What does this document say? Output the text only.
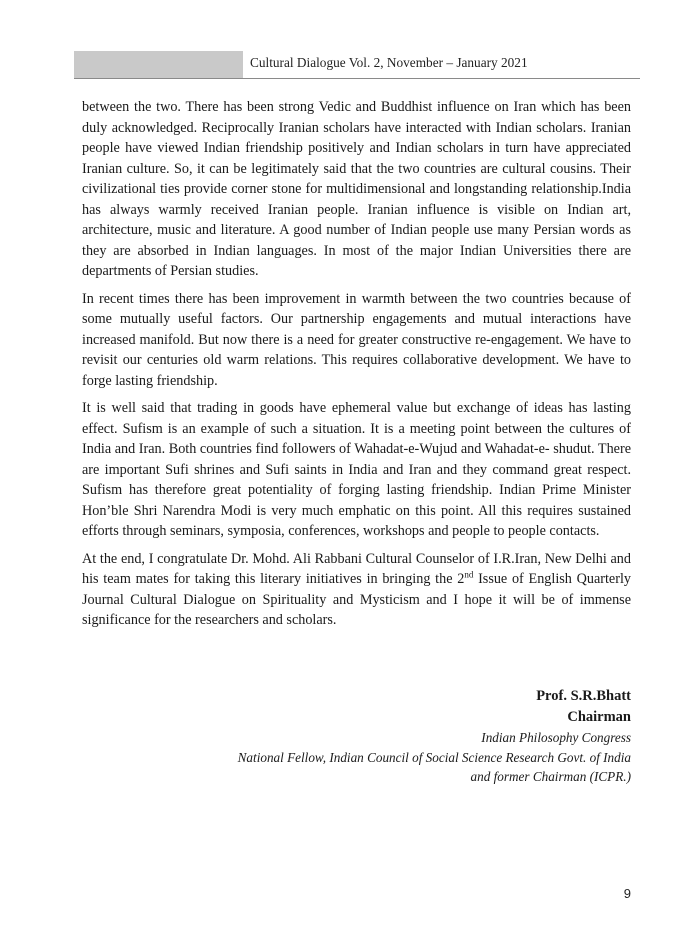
Cultural Dialogue Vol. 2, November – January 2021

between the two. There has been strong Vedic and Buddhist influence on Iran which has been duly acknowledged. Reciprocally Iranian scholars have interacted with Indian scholars. Iranian people have viewed Indian friendship positively and Indian scholars in turn have appreciated Iranian culture. So, it can be legitimately said that the two countries are cultural cousins. Their civilizational ties provide corner stone for multidimensional and longstanding relationship.India has always warmly received Iranian people. Iranian influence is visible on Indian art, architecture, music and literature. A good number of Indian people use many Persian words as they are absorbed in Indian languages. In most of the major Indian Universities there are departments of Persian studies.

In recent times there has been improvement in warmth between the two countries because of some mutually useful factors. Our partnership engagements and mutual interactions have increased manifold. But now there is a need for greater constructive re-engagement. We have to revisit our centuries old warm relations. This requires collaborative development. We have to forge lasting friendship.

It is well said that trading in goods have ephemeral value but exchange of ideas has lasting effect. Sufism is an example of such a situation. It is a meeting point between the cultures of India and Iran. Both countries find followers of Wahadat-e-Wujud and Wahadat-e- shudut. There are important Sufi shrines and Sufi saints in India and Iran and they command great respect. Sufism has therefore great potentiality of forging lasting friendship. Indian Prime Minister Hon’ble Shri Narendra Modi is very much emphatic on this point. All this requires sustained efforts through seminars, symposia, conferences, workshops and people to people contacts.

At the end, I congratulate Dr. Mohd. Ali Rabbani Cultural Counselor of I.R.Iran, New Delhi and his team mates for taking this literary initiatives in bringing the 2nd Issue of English Quarterly Journal Cultural Dialogue on Spirituality and Mysticism and I hope it will be of immense significance for the researchers and scholars.

Prof. S.R.Bhatt
Chairman
Indian Philosophy Congress
National Fellow, Indian Council of Social Science Research Govt. of India
and former Chairman (ICPR.)
9
